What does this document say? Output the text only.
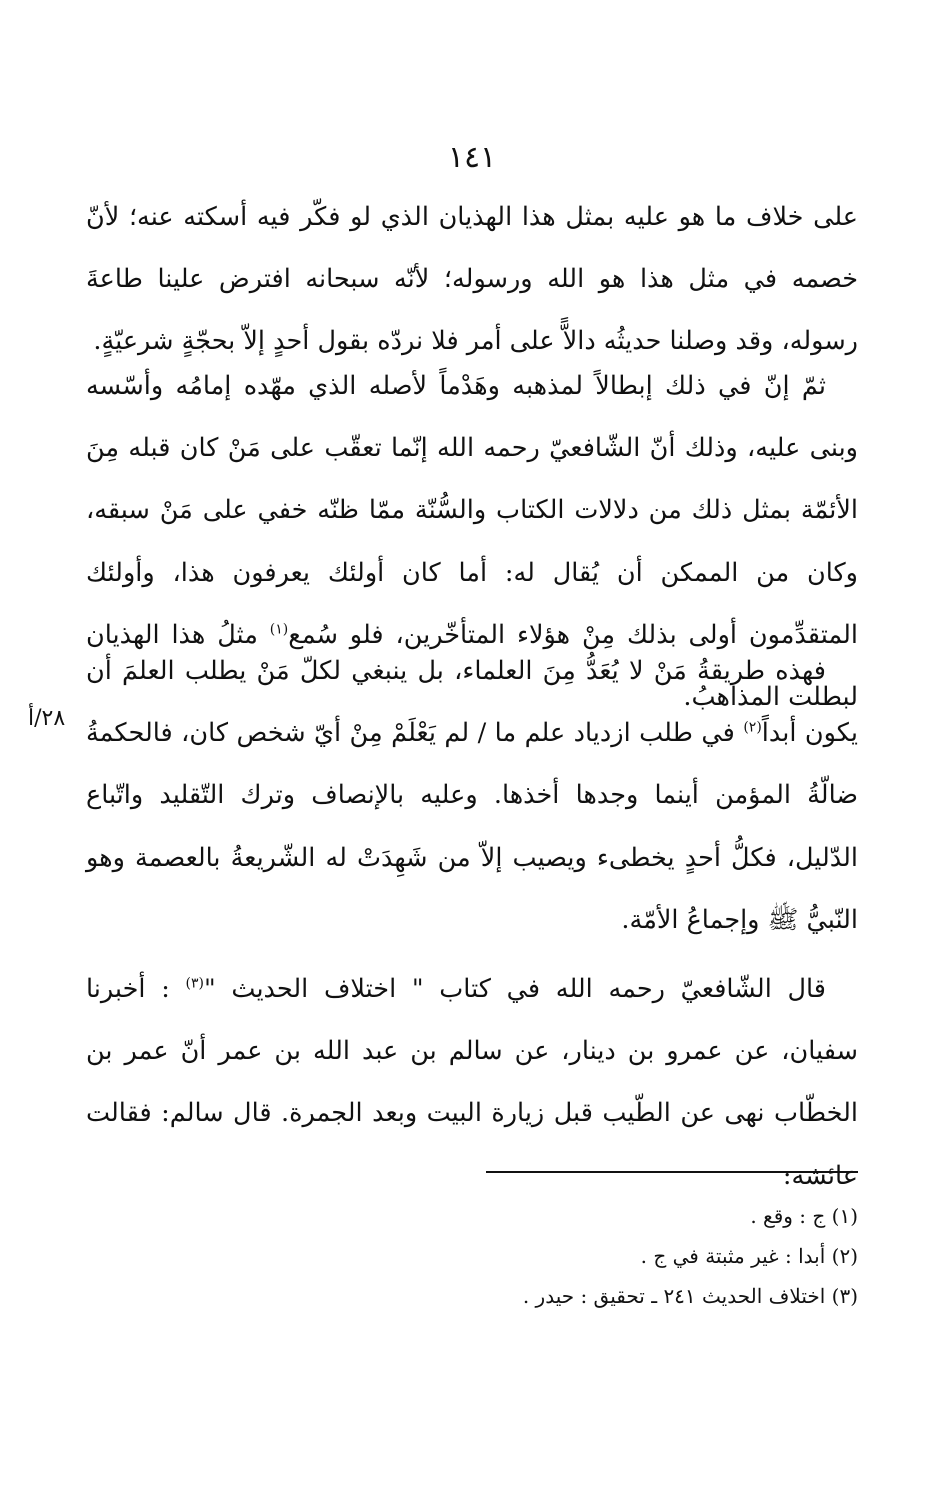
١٤١
٢٨/أ

على خلاف ما هو عليه بمثل هذا الهذيان الذي لو فكّر فيه أسكته عنه؛ لأنّ خصمه في مثل هذا هو الله ورسوله؛ لأنّه سبحانه افترض علينا طاعةَ رسوله، وقد وصلنا حديثُه دالاًّ على أمر فلا نردّه بقول أحدٍ إلاّ بحجّةٍ شرعيّةٍ.

ثمّ إنّ في ذلك إبطالاً لمذهبه وهَدْماً لأصله الذي مهّده إمامُه وأسّسه وبنى عليه، وذلك أنّ الشّافعيّ رحمه الله إنّما تعقّب على مَنْ كان قبله مِنَ الأئمّة بمثل ذلك من دلالات الكتاب والسُّنّة ممّا ظنّه خفي على مَنْ سبقه، وكان من الممكن أن يُقال له: أما كان أولئك يعرفون هذا، وأولئك المتقدِّمون أولى بذلك مِنْ هؤلاء المتأخّرين، فلو سُمع$^{(١)}$ مثلُ هذا الهذيان لبطلت المذاهبُ.

فهذه طريقةُ مَنْ لا يُعَدُّ مِنَ العلماء، بل ينبغي لكلّ مَنْ يطلب العلمَ أن يكون أبداً$^{(٢)}$ في طلب ازدياد علم ما / لم يَعْلَمْ مِنْ أيّ شخص كان، فالحكمةُ ضالّةُ المؤمن أينما وجدها أخذها. وعليه بالإنصاف وترك التّقليد واتّباع الدّليل، فكلُّ أحدٍ يخطىء ويصيب إلاّ من شَهِدَتْ له الشّريعةُ بالعصمة وهو النّبيُّ ﷺ وإجماعُ الأمّة.

قال الشّافعيّ رحمه الله في كتاب " اختلاف الحديث "$^{(٣)}$ : أخبرنا سفيان، عن عمرو بن دينار، عن سالم بن عبد الله بن عمر أنّ عمر بن الخطّاب نهى عن الطّيب قبل زيارة البيت وبعد الجمرة. قال سالم: فقالت عائشة:

(١) ج : وقع .

(٢) أبدا : غير مثبتة في ج .

(٣) اختلاف الحديث ٢٤١ ـ تحقيق : حيدر .
